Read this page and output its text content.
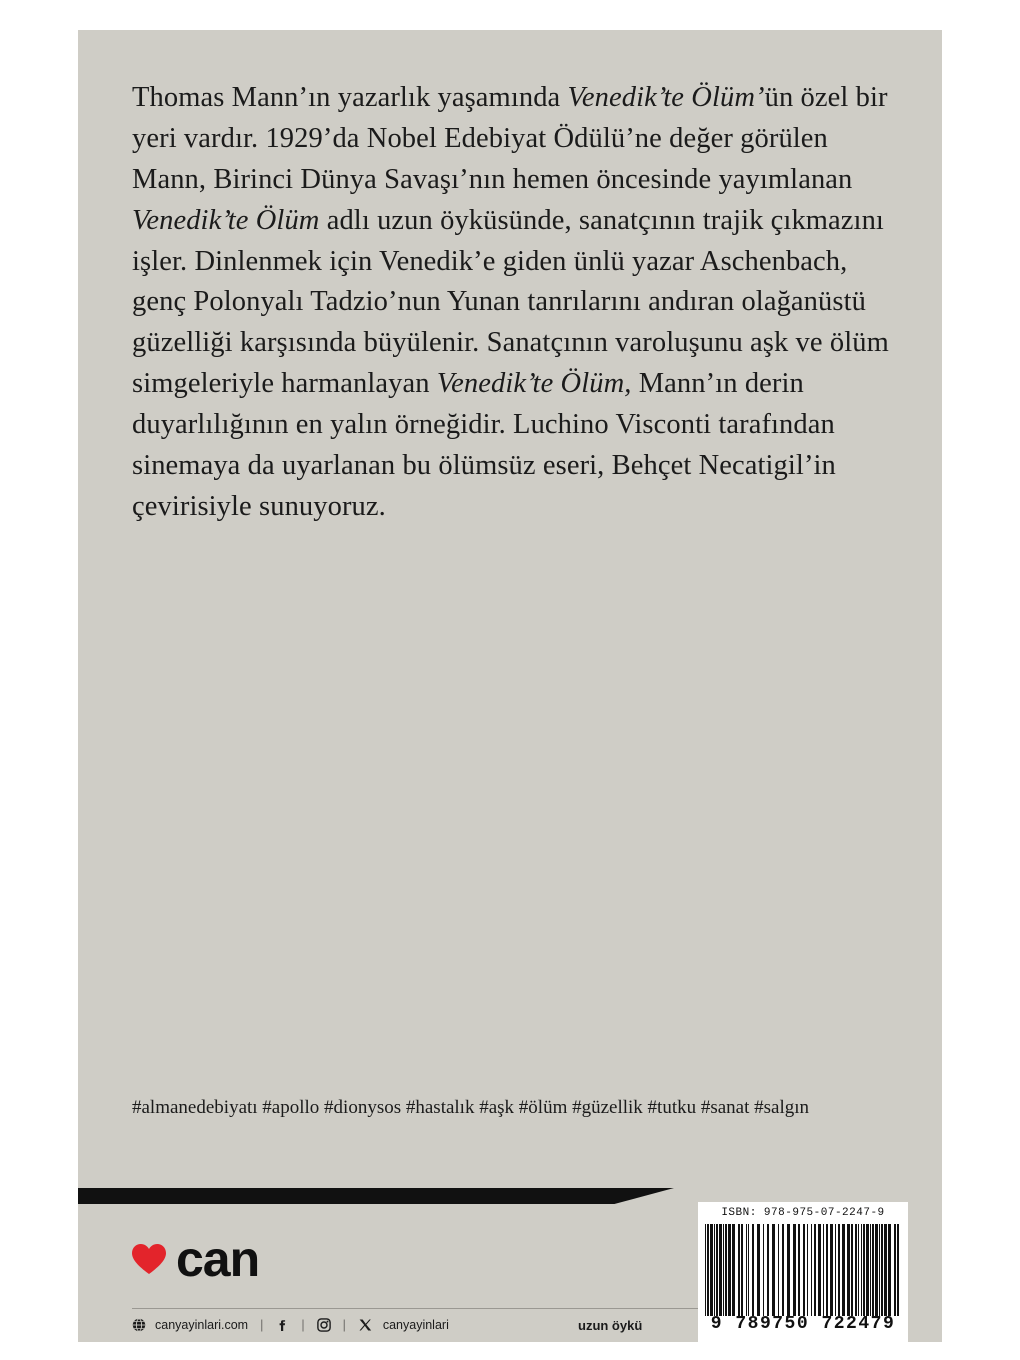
Thomas Mann’ın yazarlık yaşamında Venedik’te Ölüm’ün özel bir yeri vardır. 1929’da Nobel Edebiyat Ödülü’ne değer görülen Mann, Birinci Dünya Savaşı’nın hemen öncesinde yayımlanan Venedik’te Ölüm adlı uzun öyküsünde, sanatçının trajik çıkmazını işler. Dinlenmek için Venedik’e giden ünlü yazar Aschenbach, genç Polonyalı Tadzio’nun Yunan tanrılarını andıran olağanüstü güzelliği karşısında büyülenir. Sanatçının varoluşunu aşk ve ölüm simgeleriyle harmanlayan Venedik’te Ölüm, Mann’ın derin duyarlılığının en yalın örneğidir. Luchino Visconti tarafından sinemaya da uyarlanan bu ölümsüz eseri, Behçet Necatigil’in çevirisiyle sunuyoruz.
#almanedebiyatı #apollo #dionysos #hastalık #aşk #ölüm #güzellik #tutku #sanat #salgın
can
canyayinlari.com |	|	|	canyayinlari	uzun öykü
ISBN: 978-975-07-2247-9
9 789750 722479
